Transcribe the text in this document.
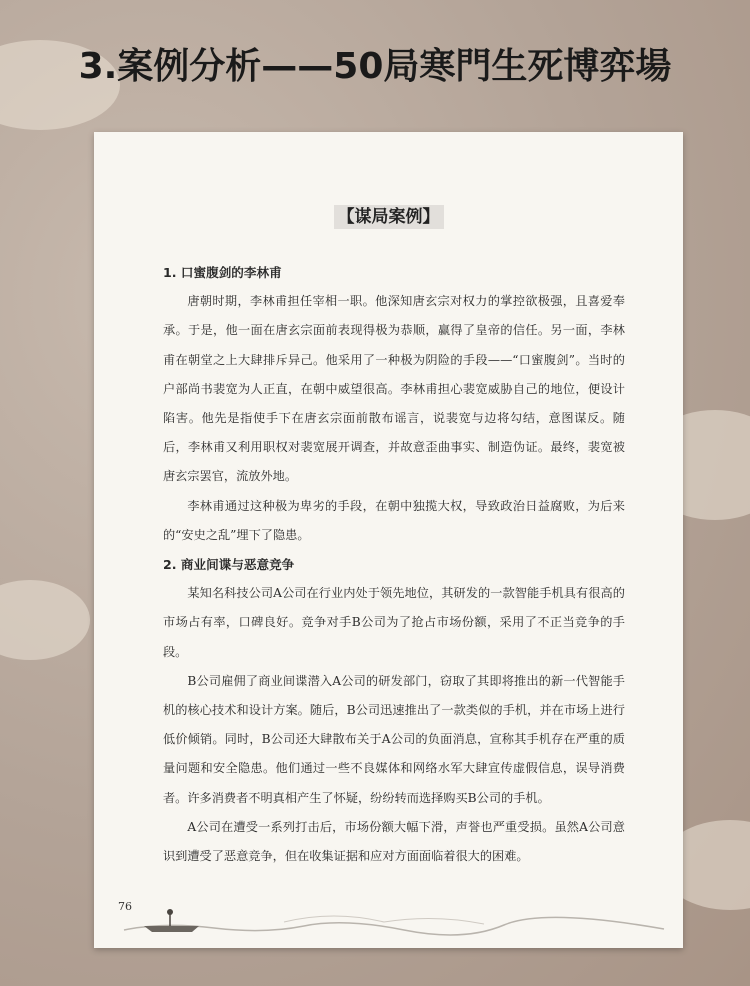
3.案例分析——50局寒門生死博弈場
【谋局案例】
1. 口蜜腹剑的李林甫

唐朝时期，李林甫担任宰相一职。他深知唐玄宗对权力的掌控欲极强，且喜爱奉承。于是，他一面在唐玄宗面前表现得极为恭顺，赢得了皇帝的信任。另一面，李林甫在朝堂之上大肆排斥异己。他采用了一种极为阴险的手段——“口蜜腹剑”。当时的户部尚书裴宽为人正直，在朝中威望很高。李林甫担心裴宽威胁自己的地位，便设计陷害。他先是指使手下在唐玄宗面前散布谣言，说裴宽与边将勾结，意图谋反。随后，李林甫又利用职权对裴宽展开调查，并故意歪曲事实、制造伪证。最终，裴宽被唐玄宗罢官，流放外地。

李林甫通过这种极为卑劣的手段，在朝中独揽大权，导致政治日益腐败，为后来的“安史之乱”埋下了隐患。

2. 商业间谍与恶意竞争

某知名科技公司A公司在行业内处于领先地位，其研发的一款智能手机具有很高的市场占有率，口碑良好。竞争对手B公司为了抢占市场份额，采用了不正当竞争的手段。

B公司雇佣了商业间谍潜入A公司的研发部门，窃取了其即将推出的新一代智能手机的核心技术和设计方案。随后，B公司迅速推出了一款类似的手机，并在市场上进行低价倾销。同时，B公司还大肆散布关于A公司的负面消息，宣称其手机存在严重的质量问题和安全隐患。他们通过一些不良媒体和网络水军大肆宣传虚假信息，误导消费者。许多消费者不明真相产生了怀疑，纷纷转而选择购买B公司的手机。

A公司在遭受一系列打击后，市场份额大幅下滑，声誉也严重受损。虽然A公司意识到遭受了恶意竞争，但在收集证据和应对方面面临着很大的困难。

76
